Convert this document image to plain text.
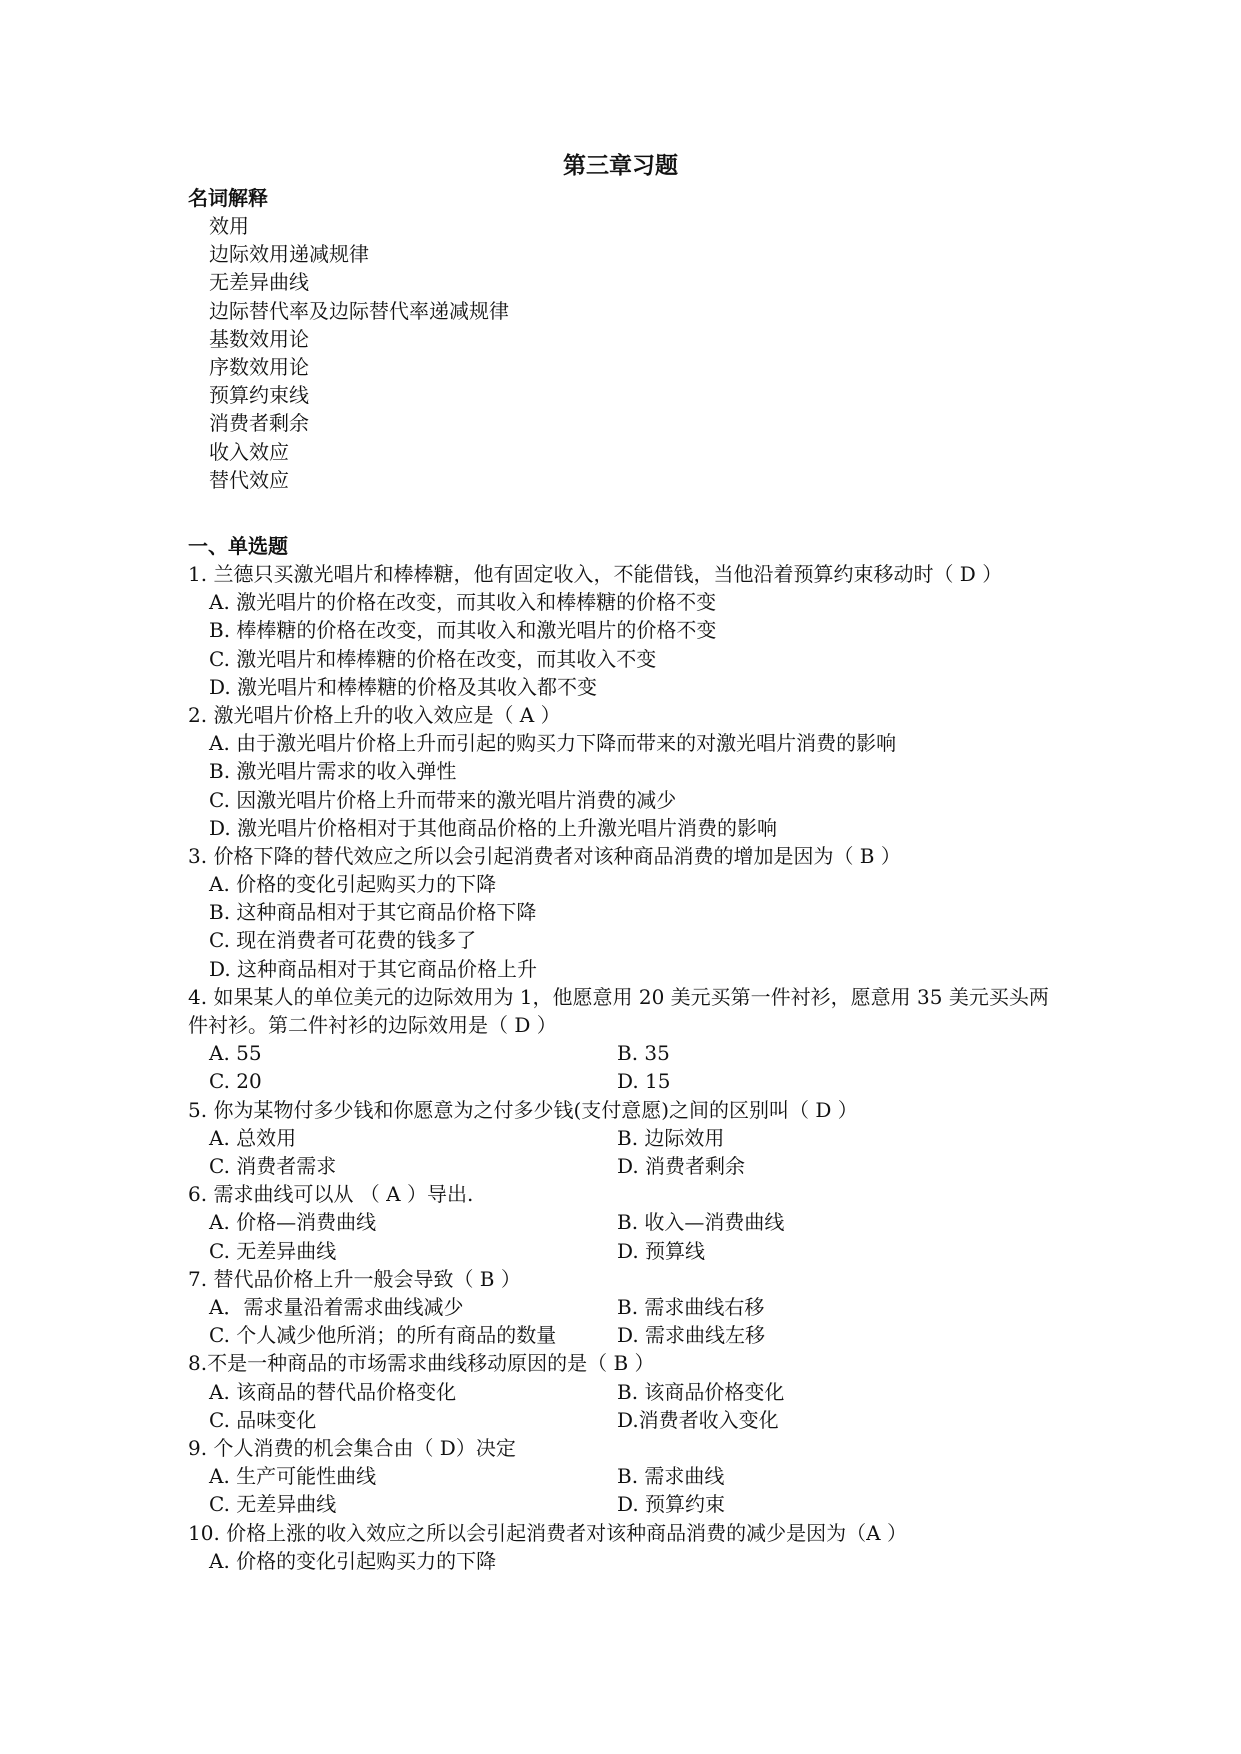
第三章习题
名词解释
效用
边际效用递减规律
无差异曲线
边际替代率及边际替代率递减规律
基数效用论
序数效用论
预算约束线
消费者剩余
收入效应
替代效应
一、单选题
1. 兰德只买激光唱片和棒棒糖，他有固定收入，不能借钱，当他沿着预算约束移动时（ D ）
A. 激光唱片的价格在改变，而其收入和棒棒糖的价格不变
B. 棒棒糖的价格在改变，而其收入和激光唱片的价格不变
C. 激光唱片和棒棒糖的价格在改变，而其收入不变
D. 激光唱片和棒棒糖的价格及其收入都不变
2. 激光唱片价格上升的收入效应是（ A ）
A. 由于激光唱片价格上升而引起的购买力下降而带来的对激光唱片消费的影响
B. 激光唱片需求的收入弹性
C. 因激光唱片价格上升而带来的激光唱片消费的减少
D. 激光唱片价格相对于其他商品价格的上升激光唱片消费的影响
3. 价格下降的替代效应之所以会引起消费者对该种商品消费的增加是因为（ B ）
A. 价格的变化引起购买力的下降
B. 这种商品相对于其它商品价格下降
C. 现在消费者可花费的钱多了
D. 这种商品相对于其它商品价格上升
4. 如果某人的单位美元的边际效用为 1，他愿意用 20 美元买第一件衬衫，愿意用 35 美元买头两件衬衫。第二件衬衫的边际效用是（ D ）
A. 55	B. 35
C. 20	D. 15
5. 你为某物付多少钱和你愿意为之付多少钱(支付意愿)之间的区别叫（ D ）
A. 总效用	B. 边际效用
C. 消费者需求	D. 消费者剩余
6. 需求曲线可以从 （ A ）导出.
A. 价格—消费曲线	B. 收入—消费曲线
C. 无差异曲线	D. 预算线
7. 替代品价格上升一般会导致（ B ）
A．需求量沿着需求曲线减少	B. 需求曲线右移
C. 个人减少他所消；的所有商品的数量	D. 需求曲线左移
8.不是一种商品的市场需求曲线移动原因的是（ B ）
A. 该商品的替代品价格变化	B. 该商品价格变化
C. 品味变化	D.消费者收入变化
9. 个人消费的机会集合由（ D）决定
A. 生产可能性曲线	B. 需求曲线
C. 无差异曲线	D. 预算约束
10. 价格上涨的收入效应之所以会引起消费者对该种商品消费的减少是因为（A ）
A. 价格的变化引起购买力的下降
